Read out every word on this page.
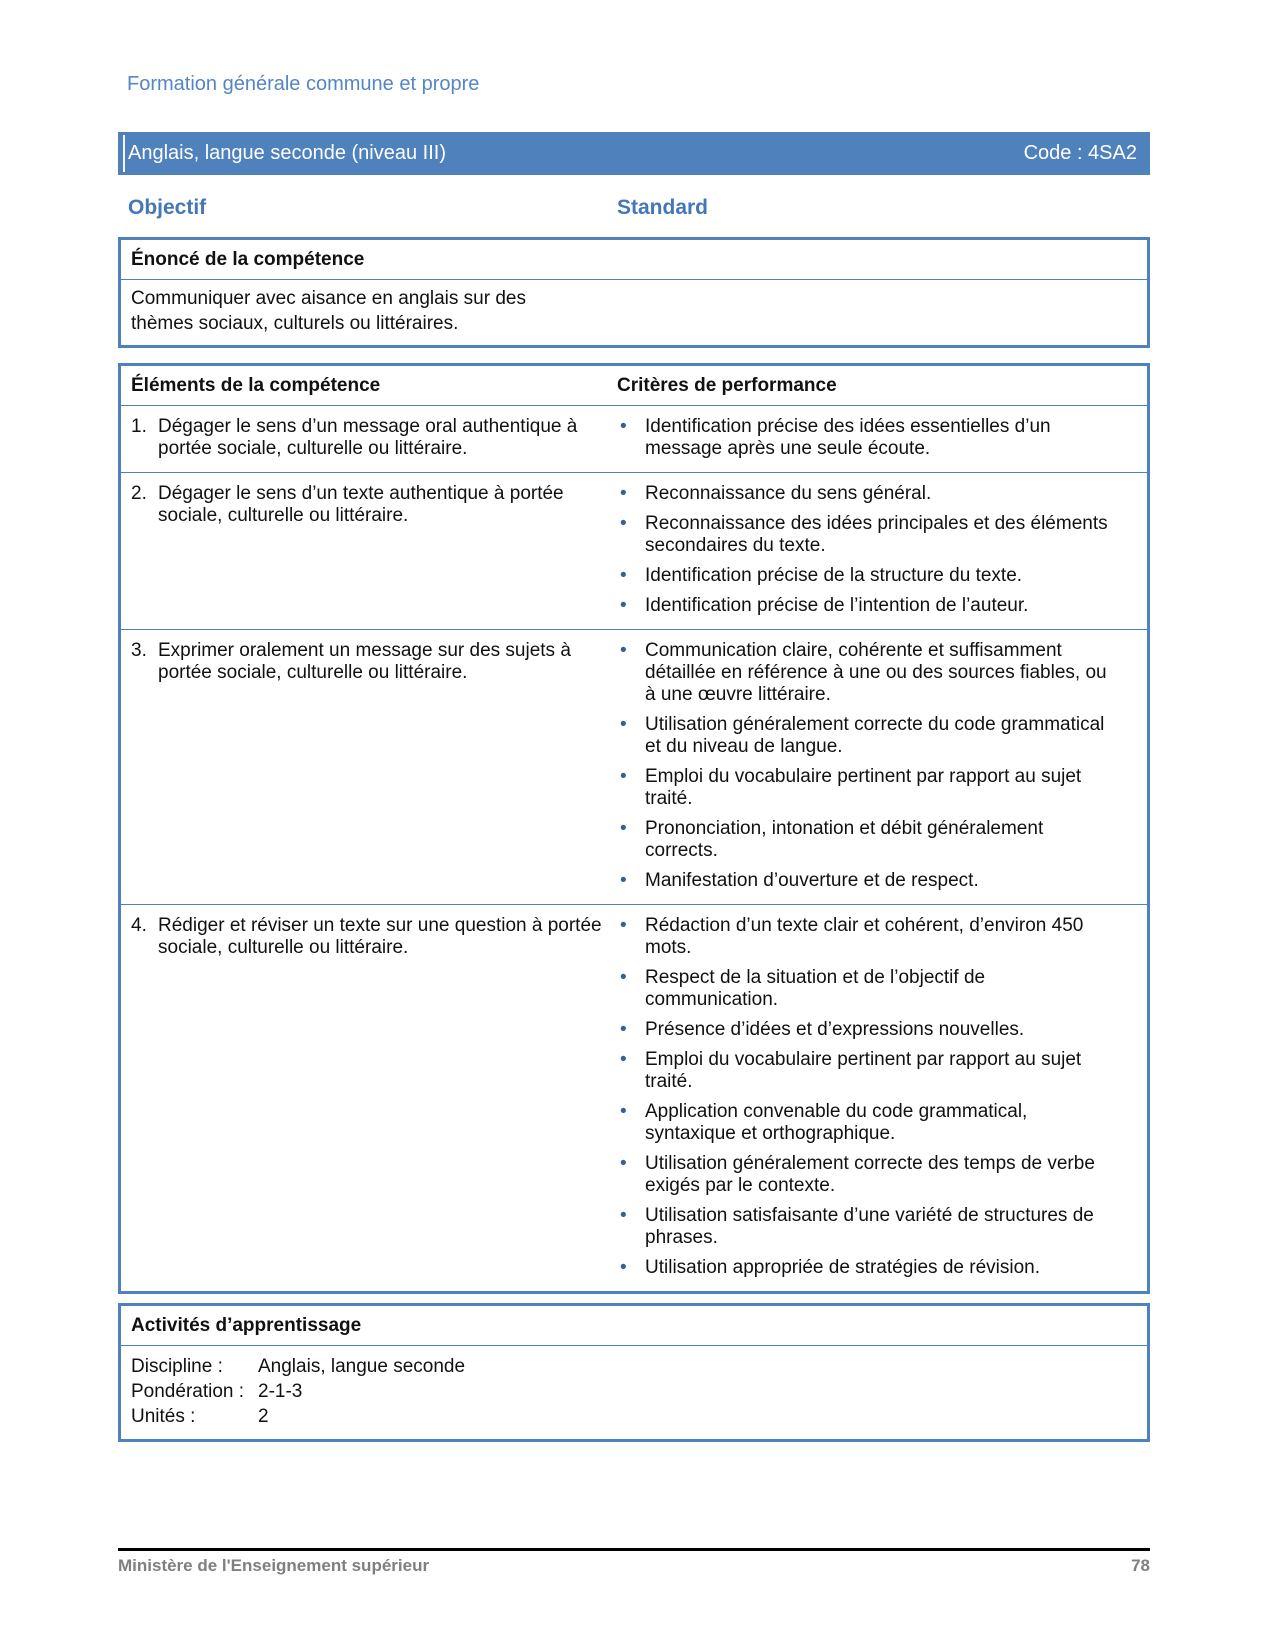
Formation générale commune et propre
Anglais, langue seconde (niveau III)	Code : 4SA2
Objectif	Standard
Énoncé de la compétence
Communiquer avec aisance en anglais sur des thèmes sociaux, culturels ou littéraires.
Éléments de la compétence	Critères de performance
1. Dégager le sens d’un message oral authentique à portée sociale, culturelle ou littéraire.
• Identification précise des idées essentielles d’un message après une seule écoute.
2. Dégager le sens d’un texte authentique à portée sociale, culturelle ou littéraire.
• Reconnaissance du sens général.
• Reconnaissance des idées principales et des éléments secondaires du texte.
• Identification précise de la structure du texte.
• Identification précise de l’intention de l’auteur.
3. Exprimer oralement un message sur des sujets à portée sociale, culturelle ou littéraire.
• Communication claire, cohérente et suffisamment détaillée en référence à une ou des sources fiables, ou à une œuvre littéraire.
• Utilisation généralement correcte du code grammatical et du niveau de langue.
• Emploi du vocabulaire pertinent par rapport au sujet traité.
• Prononciation, intonation et débit généralement corrects.
• Manifestation d’ouverture et de respect.
4. Rédiger et réviser un texte sur une question à portée sociale, culturelle ou littéraire.
• Rédaction d’un texte clair et cohérent, d’environ 450 mots.
• Respect de la situation et de l’objectif de communication.
• Présence d’idées et d’expressions nouvelles.
• Emploi du vocabulaire pertinent par rapport au sujet traité.
• Application convenable du code grammatical, syntaxique et orthographique.
• Utilisation généralement correcte des temps de verbe exigés par le contexte.
• Utilisation satisfaisante d’une variété de structures de phrases.
• Utilisation appropriée de stratégies de révision.
Activités d’apprentissage
Discipline :	Anglais, langue seconde
Pondération : 2-1-3
Unités :	2
Ministère de l'Enseignement supérieur	78
